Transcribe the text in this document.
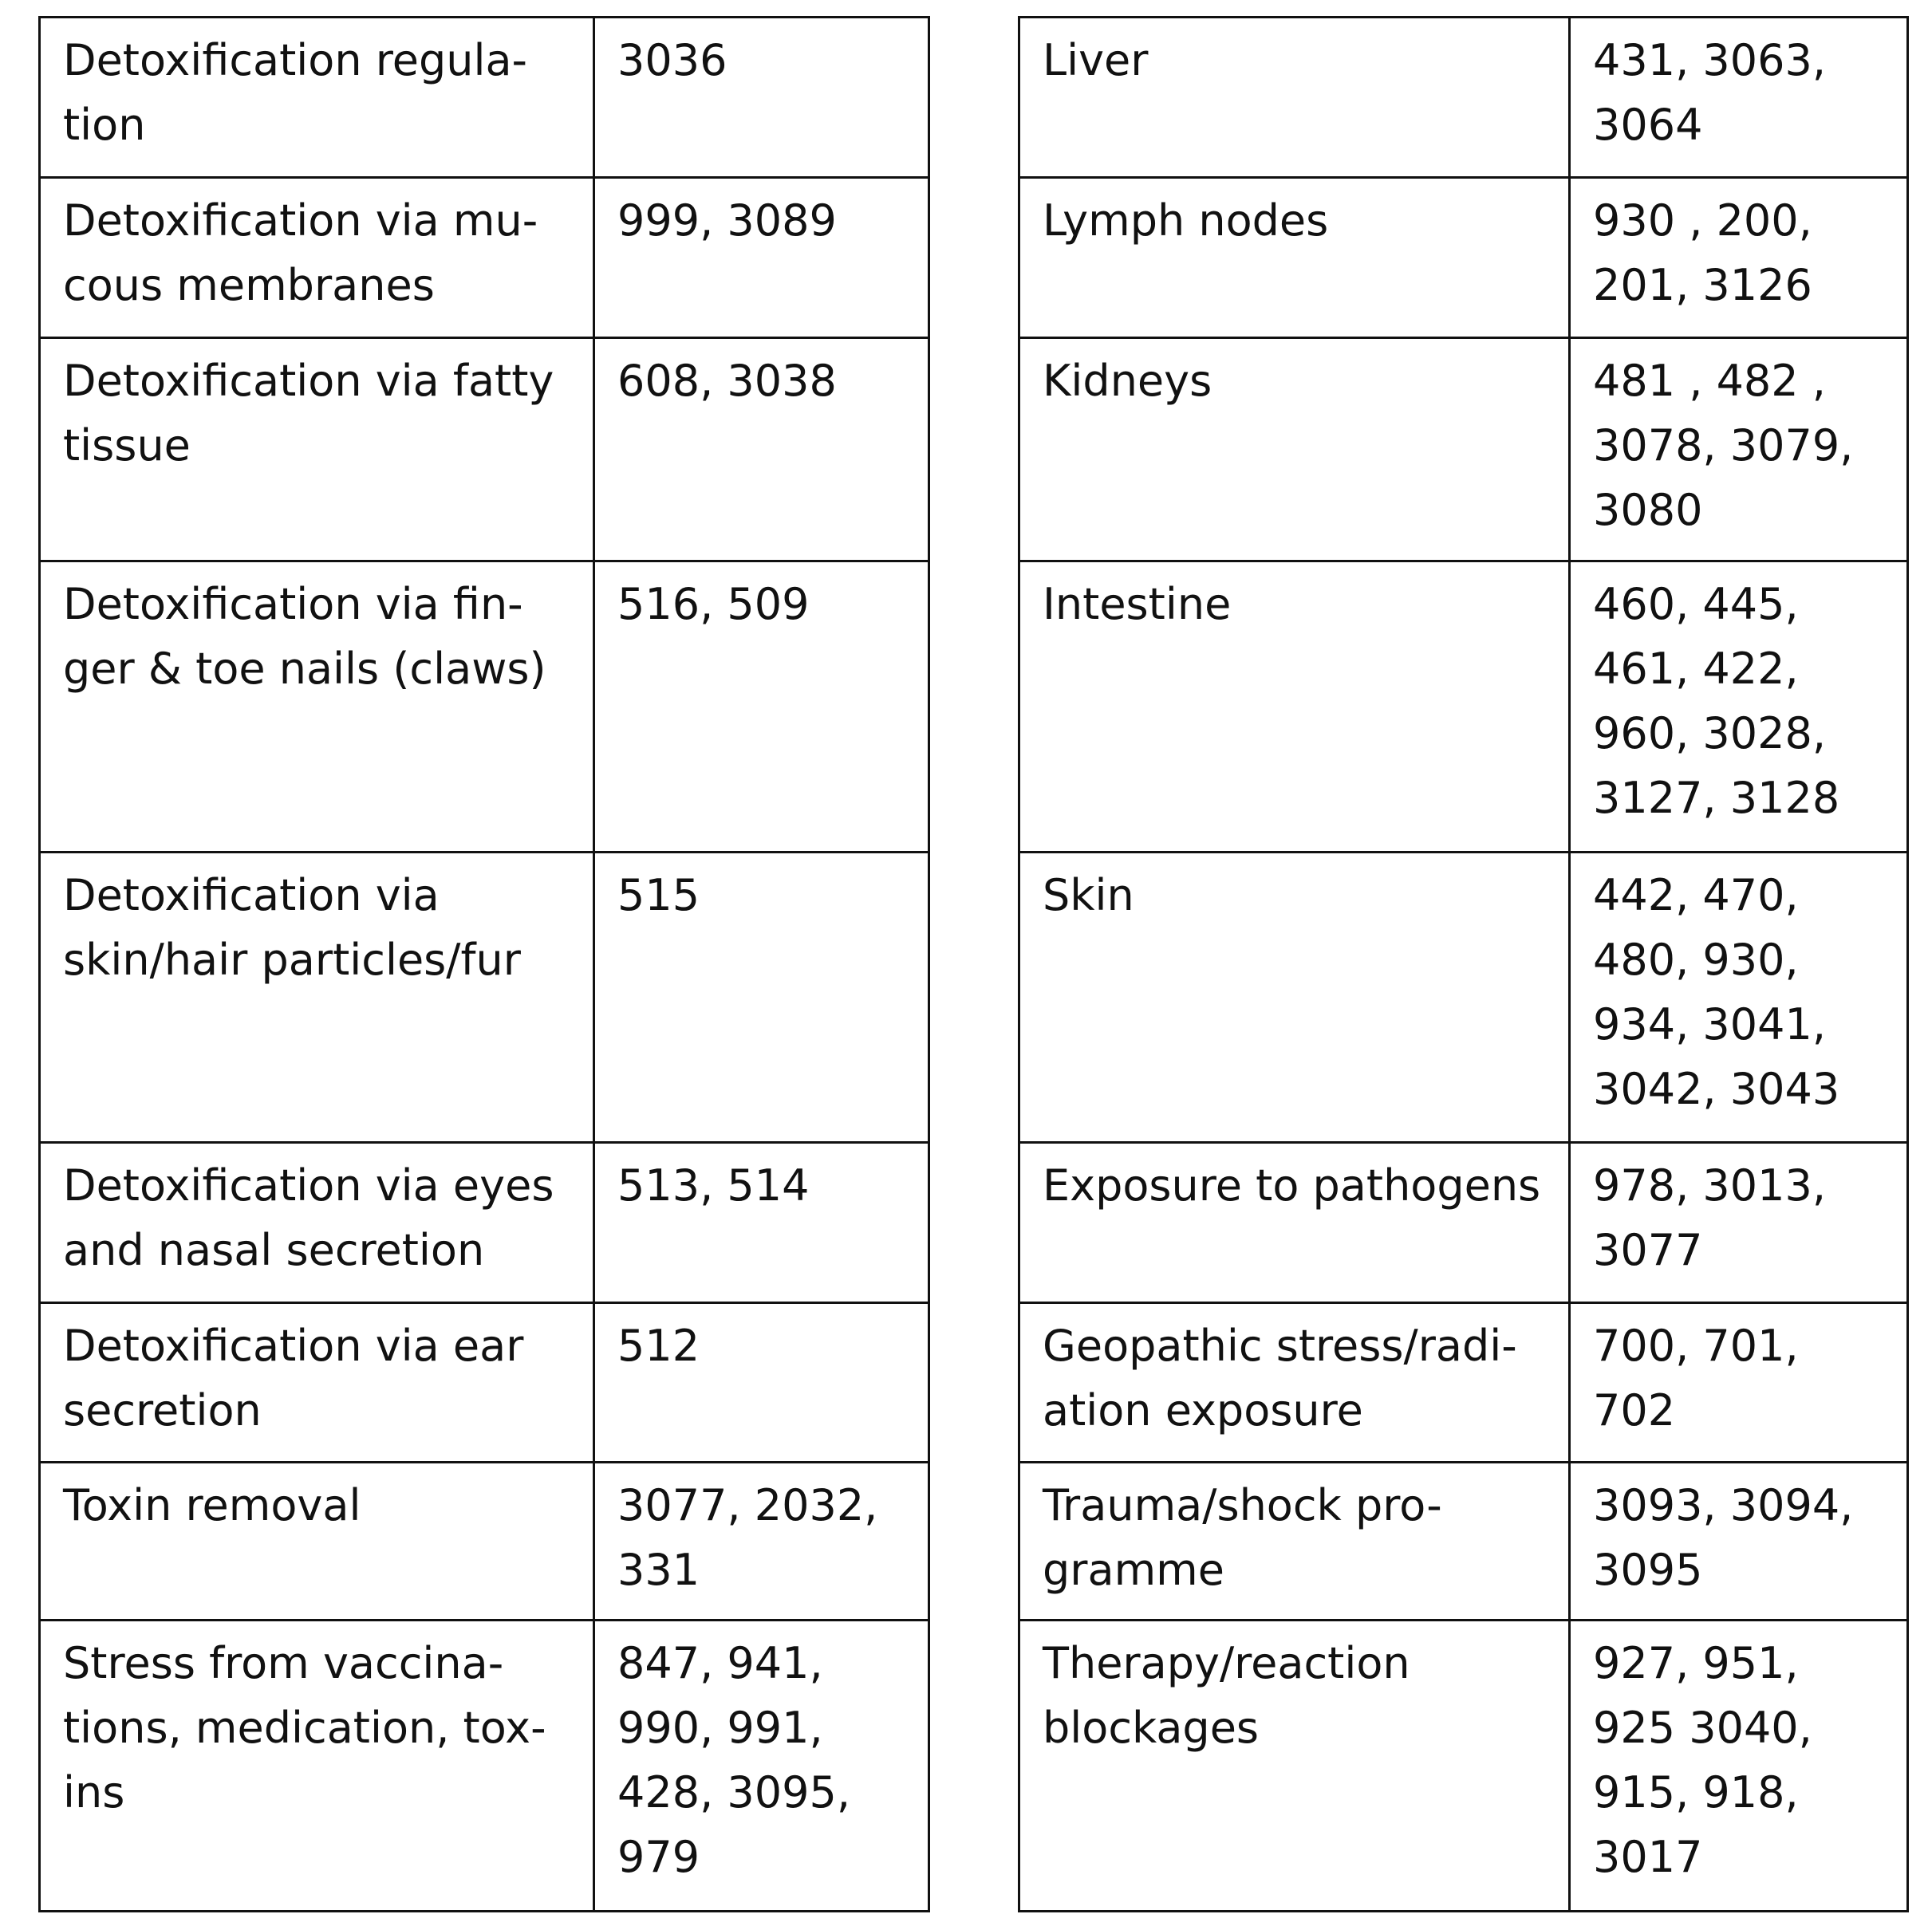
Detoxification regula-
tion	3036
Detoxification via mu-
cous membranes	999, 3089
Detoxification via fatty
tissue	608, 3038
Detoxification via fin-
ger & toe nails (claws)	516, 509
Detoxification via
skin/hair particles/fur	515
Detoxification via eyes
and nasal secretion	513, 514
Detoxification via ear
secretion	512
Toxin removal	3077, 2032,
331
Stress from vaccina-
tions, medication, tox-
ins	847, 941,
990, 991,
428, 3095,
979
Liver	431, 3063,
3064
Lymph nodes	930 , 200,
201, 3126
Kidneys	481 , 482 ,
3078, 3079,
3080
Intestine	460, 445,
461, 422,
960, 3028,
3127, 3128
Skin	442, 470,
480, 930,
934, 3041,
3042, 3043
Exposure to pathogens	978, 3013,
3077
Geopathic stress/radi-
ation exposure	700, 701,
702
Trauma/shock pro-
gramme	3093, 3094,
3095
Therapy/reaction
blockages	927, 951,
925 3040,
915, 918,
3017
